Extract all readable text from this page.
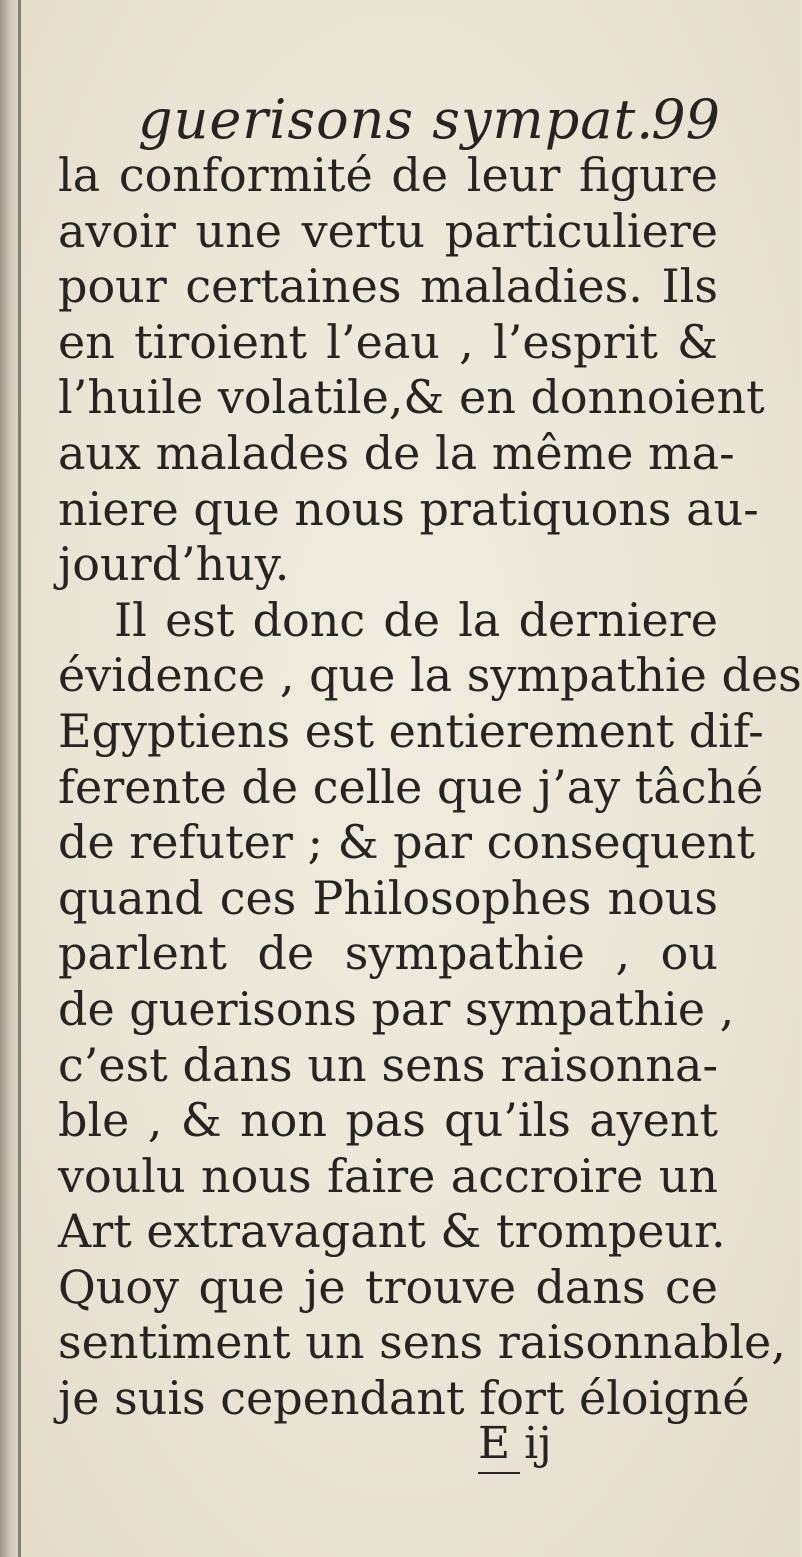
guerisons sympat.
99
la conformité de leur figure
avoir une vertu particuliere
pour certaines maladies. Ils
en tiroient l’eau , l’esprit &
l’huile volatile,& en donnoient
aux malades de la même ma-
niere que nous pratiquons au-
jourd’huy.
Il est donc de la derniere
évidence , que la sympathie des
Egyptiens est entierement dif-
ferente de celle que j’ay tâché
de refuter ; & par consequent
quand ces Philosophes nous
parlent de sympathie , ou
de guerisons par sympathie ,
c’est dans un sens raisonna-
ble , & non pas qu’ils ayent
voulu nous faire accroire un
Art extravagant & trompeur.
Quoy que je trouve dans ce
sentiment un sens raisonnable,
je suis cependant fort éloigné
E ij
